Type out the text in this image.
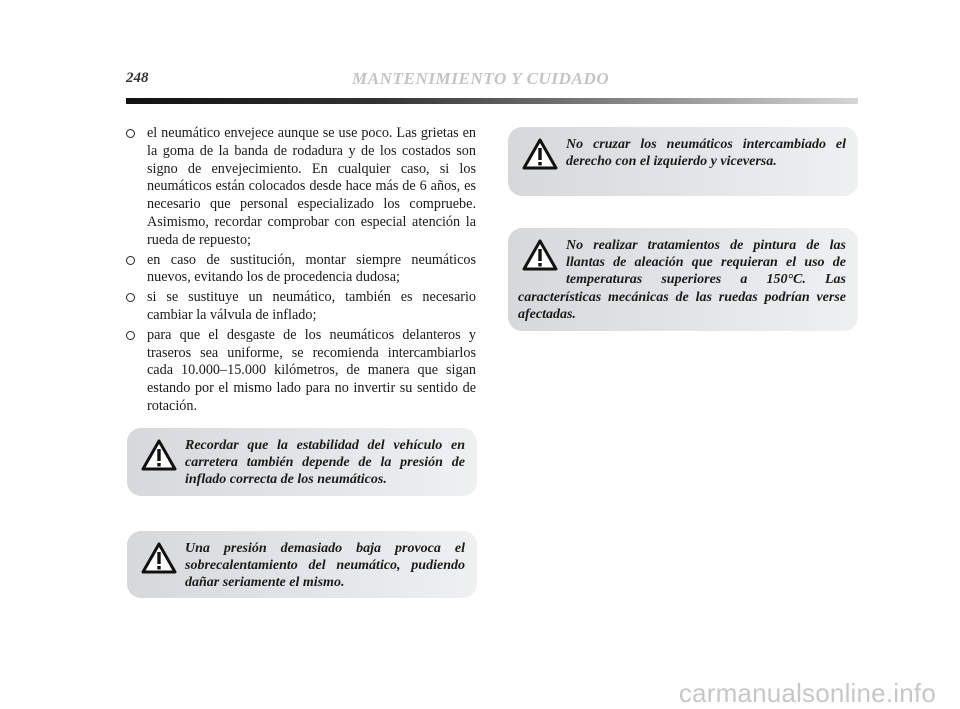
248	MANTENIMIENTO Y CUIDADO
el neumático envejece aunque se use poco. Las grietas en la goma de la banda de rodadura y de los costados son signo de envejecimiento. En cualquier caso, si los neumáticos están colocados desde hace más de 6 años, es necesario que personal especializado los compruebe. Asimismo, recordar comprobar con especial atención la rueda de repuesto;
en caso de sustitución, montar siempre neumáticos nuevos, evitando los de procedencia dudosa;
si se sustituye un neumático, también es necesario cambiar la válvula de inflado;
para que el desgaste de los neumáticos delanteros y traseros sea uniforme, se recomienda intercambiarlos cada 10.000–15.000 kilómetros, de manera que sigan estando por el mismo lado para no invertir su sentido de rotación.
Recordar que la estabilidad del vehículo en carretera también depende de la presión de inflado correcta de los neumáticos.
Una presión demasiado baja provoca el sobrecalentamiento del neumático, pudiendo dañar seriamente el mismo.
No cruzar los neumáticos intercambiado el derecho con el izquierdo y viceversa.
No realizar tratamientos de pintura de las llantas de aleación que requieran el uso de temperaturas superiores a 150°C. Las características mecánicas de las ruedas podrían verse afectadas.
carmanualsonline.info
